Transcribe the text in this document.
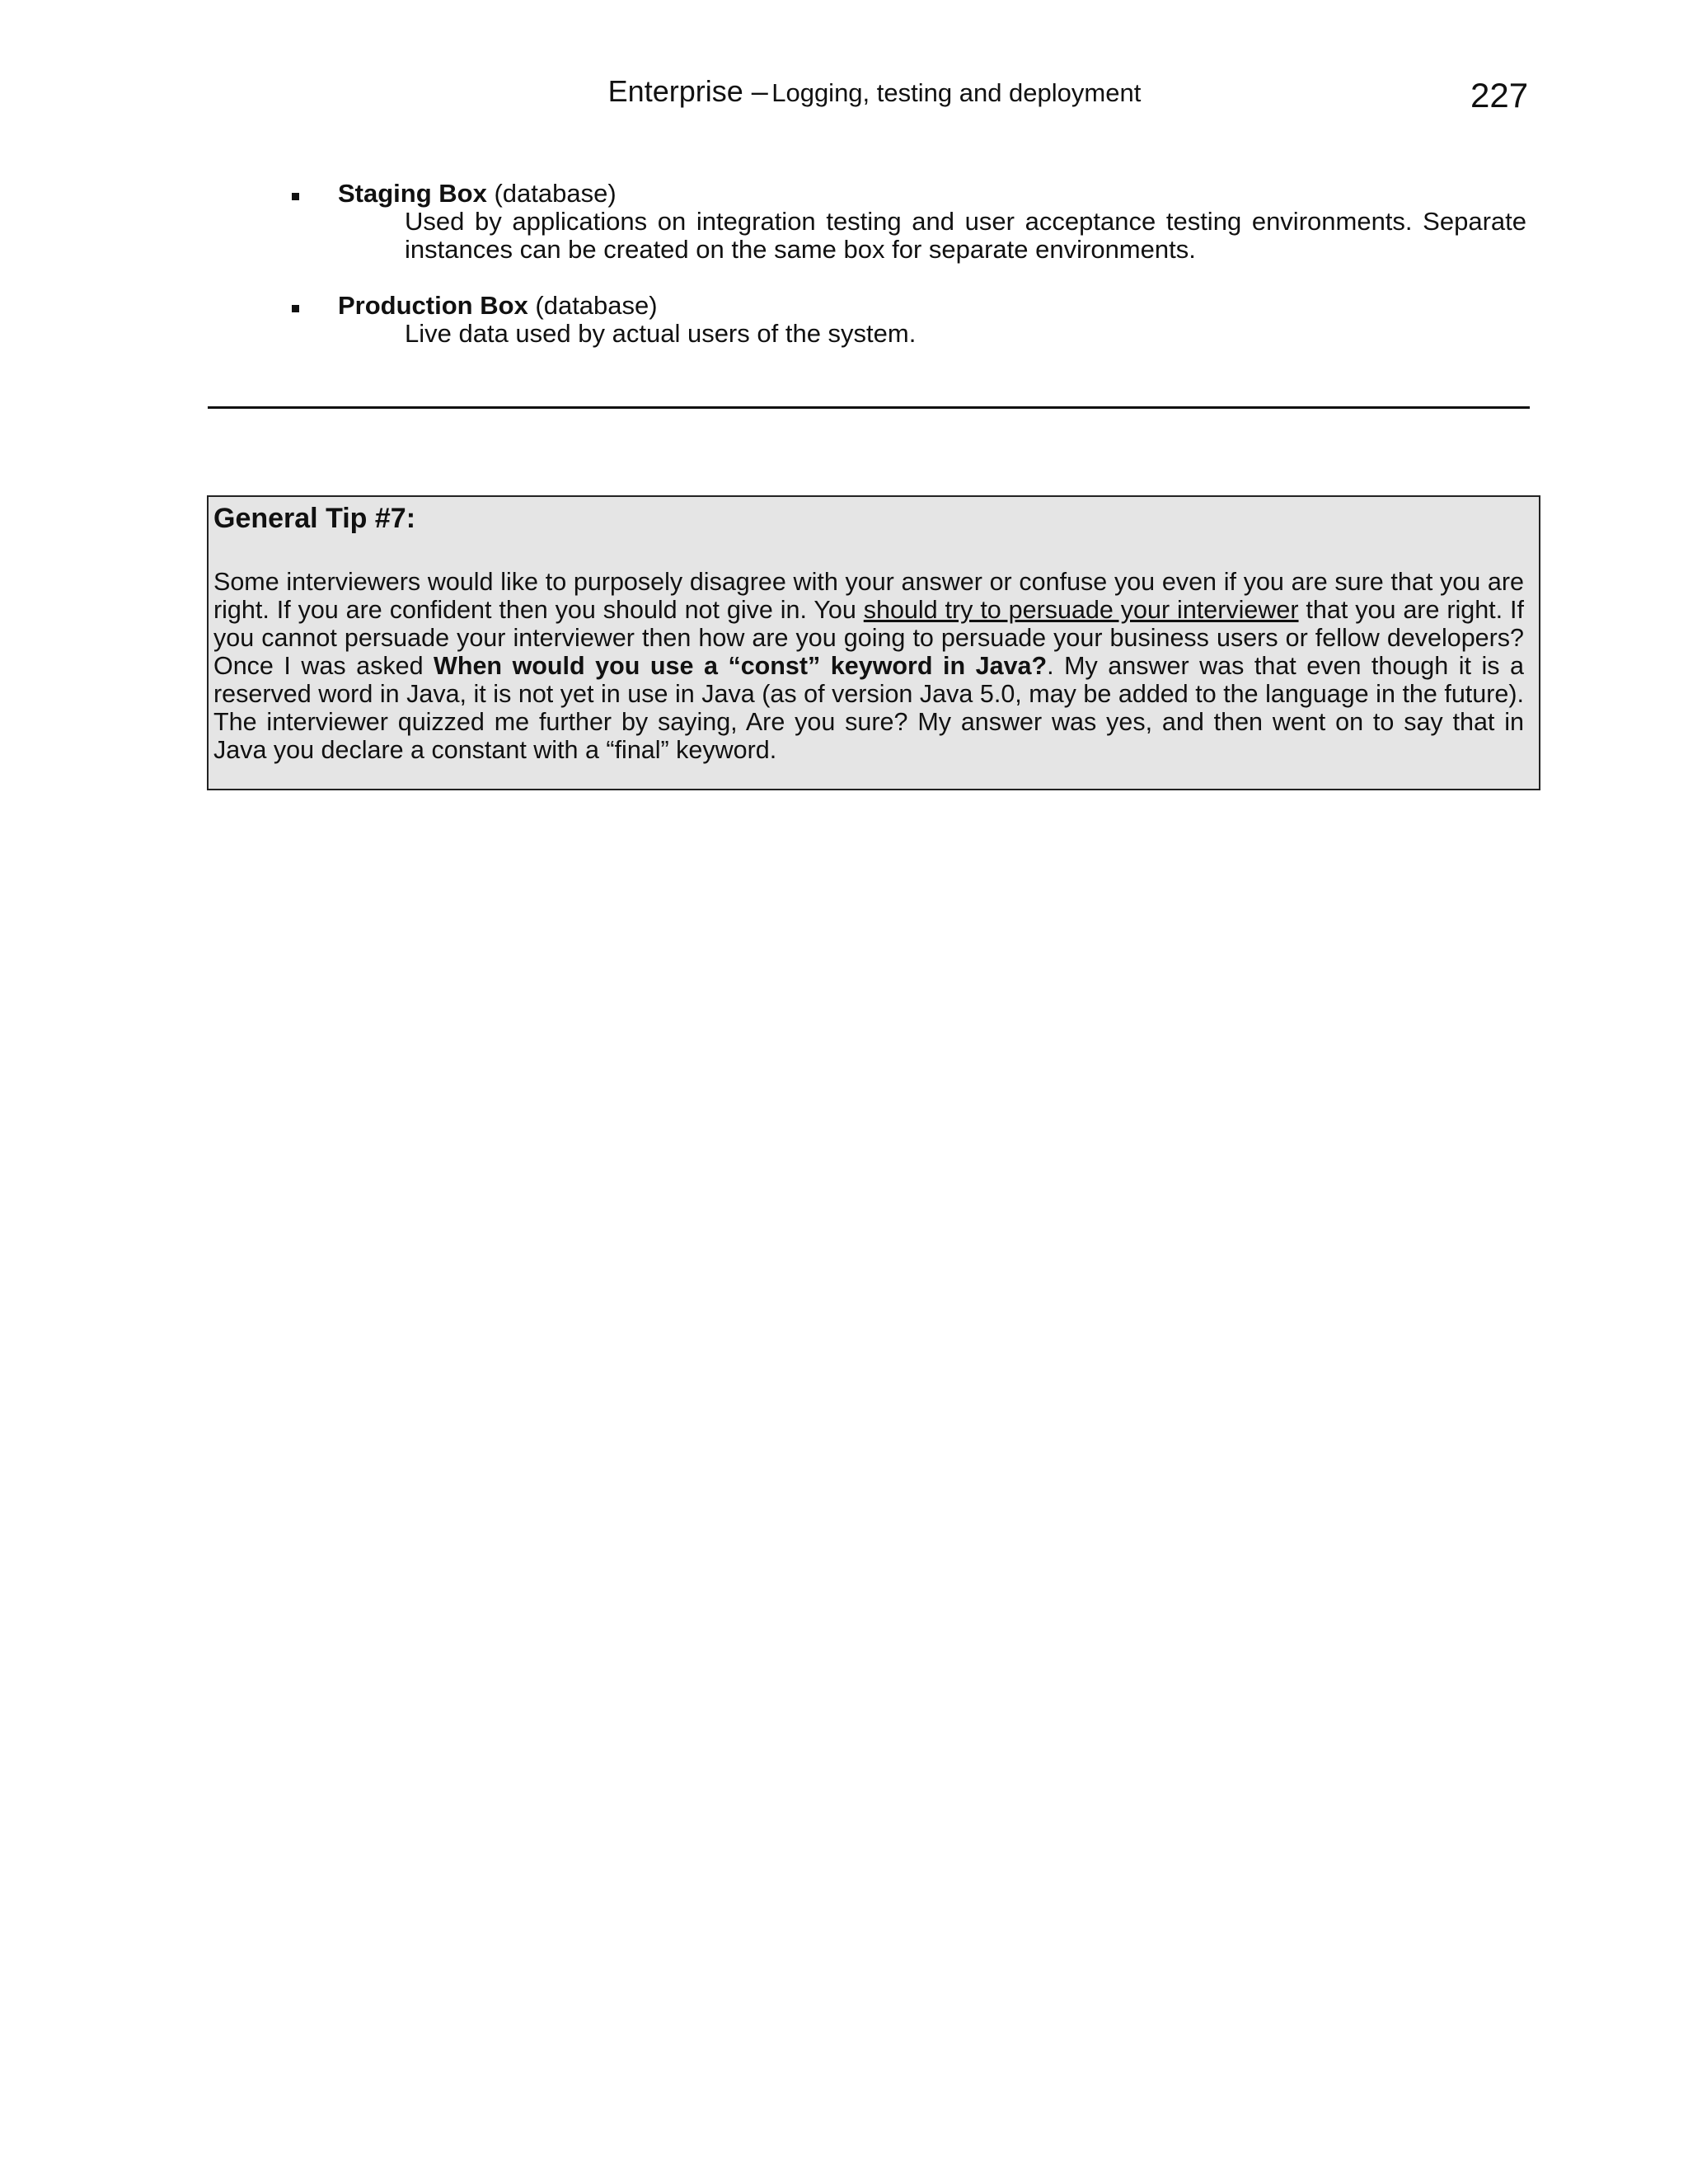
Enterprise – Logging, testing and deployment	227
Staging Box (database)
Used by applications on integration testing and user acceptance testing environments. Separate instances can be created on the same box for separate environments.
Production Box (database)
Live data used by actual users of the system.
General Tip #7:
Some interviewers would like to purposely disagree with your answer or confuse you even if you are sure that you are right. If you are confident then you should not give in. You should try to persuade your interviewer that you are right. If you cannot persuade your interviewer then how are you going to persuade your business users or fellow developers? Once I was asked When would you use a “const” keyword in Java?. My answer was that even though it is a reserved word in Java, it is not yet in use in Java (as of version Java 5.0, may be added to the language in the future). The interviewer quizzed me further by saying, Are you sure? My answer was yes, and then went on to say that in Java you declare a constant with a “final” keyword.
